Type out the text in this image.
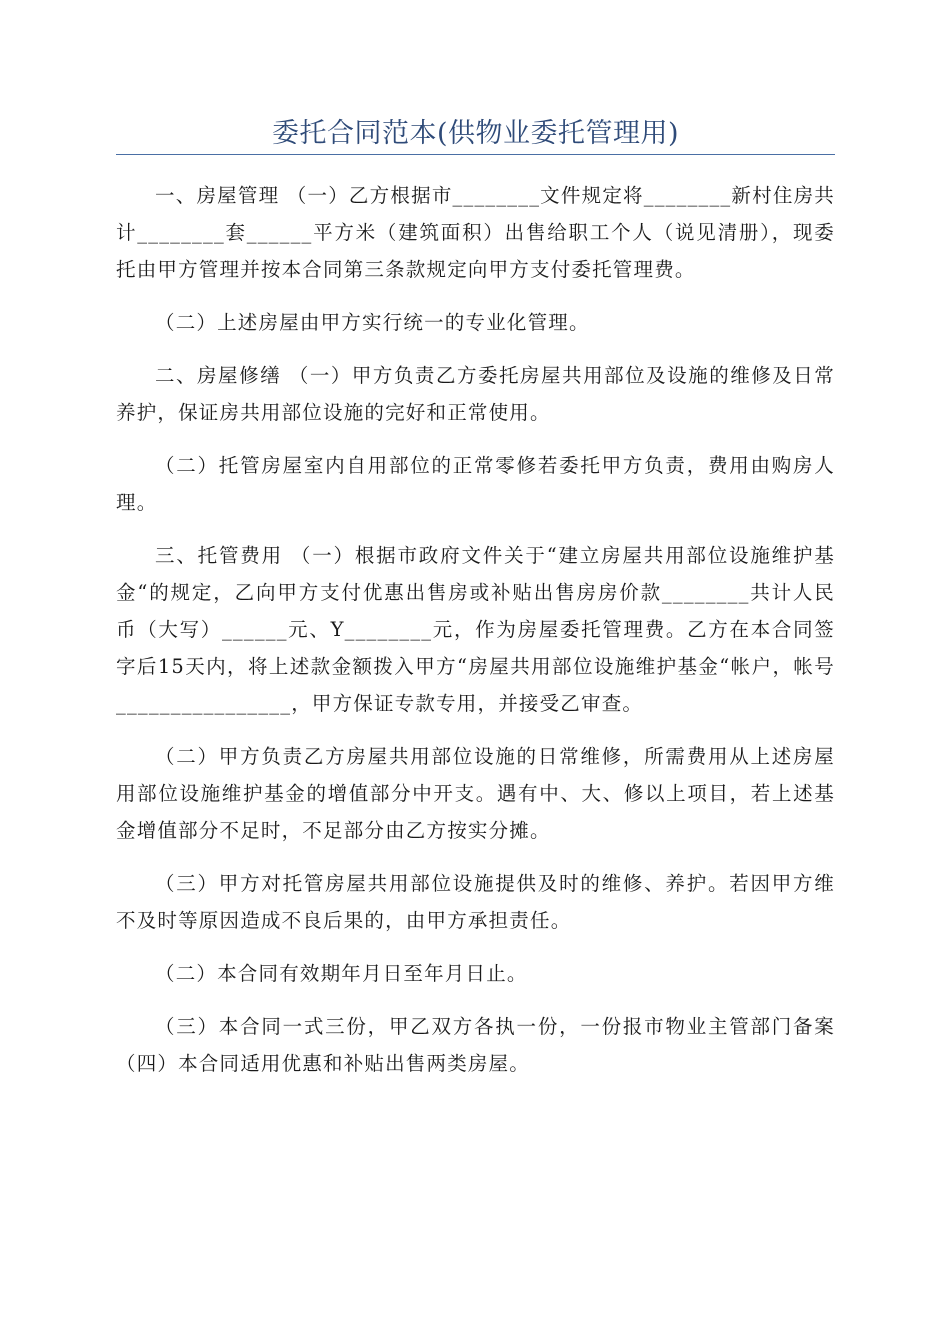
委托合同范本(供物业委托管理用)

一、房屋管理 （一）乙方根据市________文件规定将________新村住房共计________套______平方米（建筑面积）出售给职工个人（说见清册），现委托由甲方管理并按本合同第三条款规定向甲方支付委托管理费。

（二）上述房屋由甲方实行统一的专业化管理。

二、房屋修缮 （一）甲方负责乙方委托房屋共用部位及设施的维修及日常养护，保证房共用部位设施的完好和正常使用。

（二）托管房屋室内自用部位的正常零修若委托甲方负责，费用由购房人理。

三、托管费用 （一）根据市政府文件关于“建立房屋共用部位设施维护基金“的规定，乙向甲方支付优惠出售房或补贴出售房房价款________共计人民币（大写）______元、Y________元，作为房屋委托管理费。乙方在本合同签字后15天内，将上述款金额拨入甲方“房屋共用部位设施维护基金“帐户，帐号________________，甲方保证专款专用，并接受乙审查。

（二）甲方负责乙方房屋共用部位设施的日常维修，所需费用从上述房屋用部位设施维护基金的增值部分中开支。遇有中、大、修以上项目，若上述基金增值部分不足时，不足部分由乙方按实分摊。

（三）甲方对托管房屋共用部位设施提供及时的维修、养护。若因甲方维不及时等原因造成不良后果的，由甲方承担责任。

（二）本合同有效期年月日至年月日止。

（三）本合同一式三份，甲乙双方各执一份，一份报市物业主管部门备案 （四）本合同适用优惠和补贴出售两类房屋。
